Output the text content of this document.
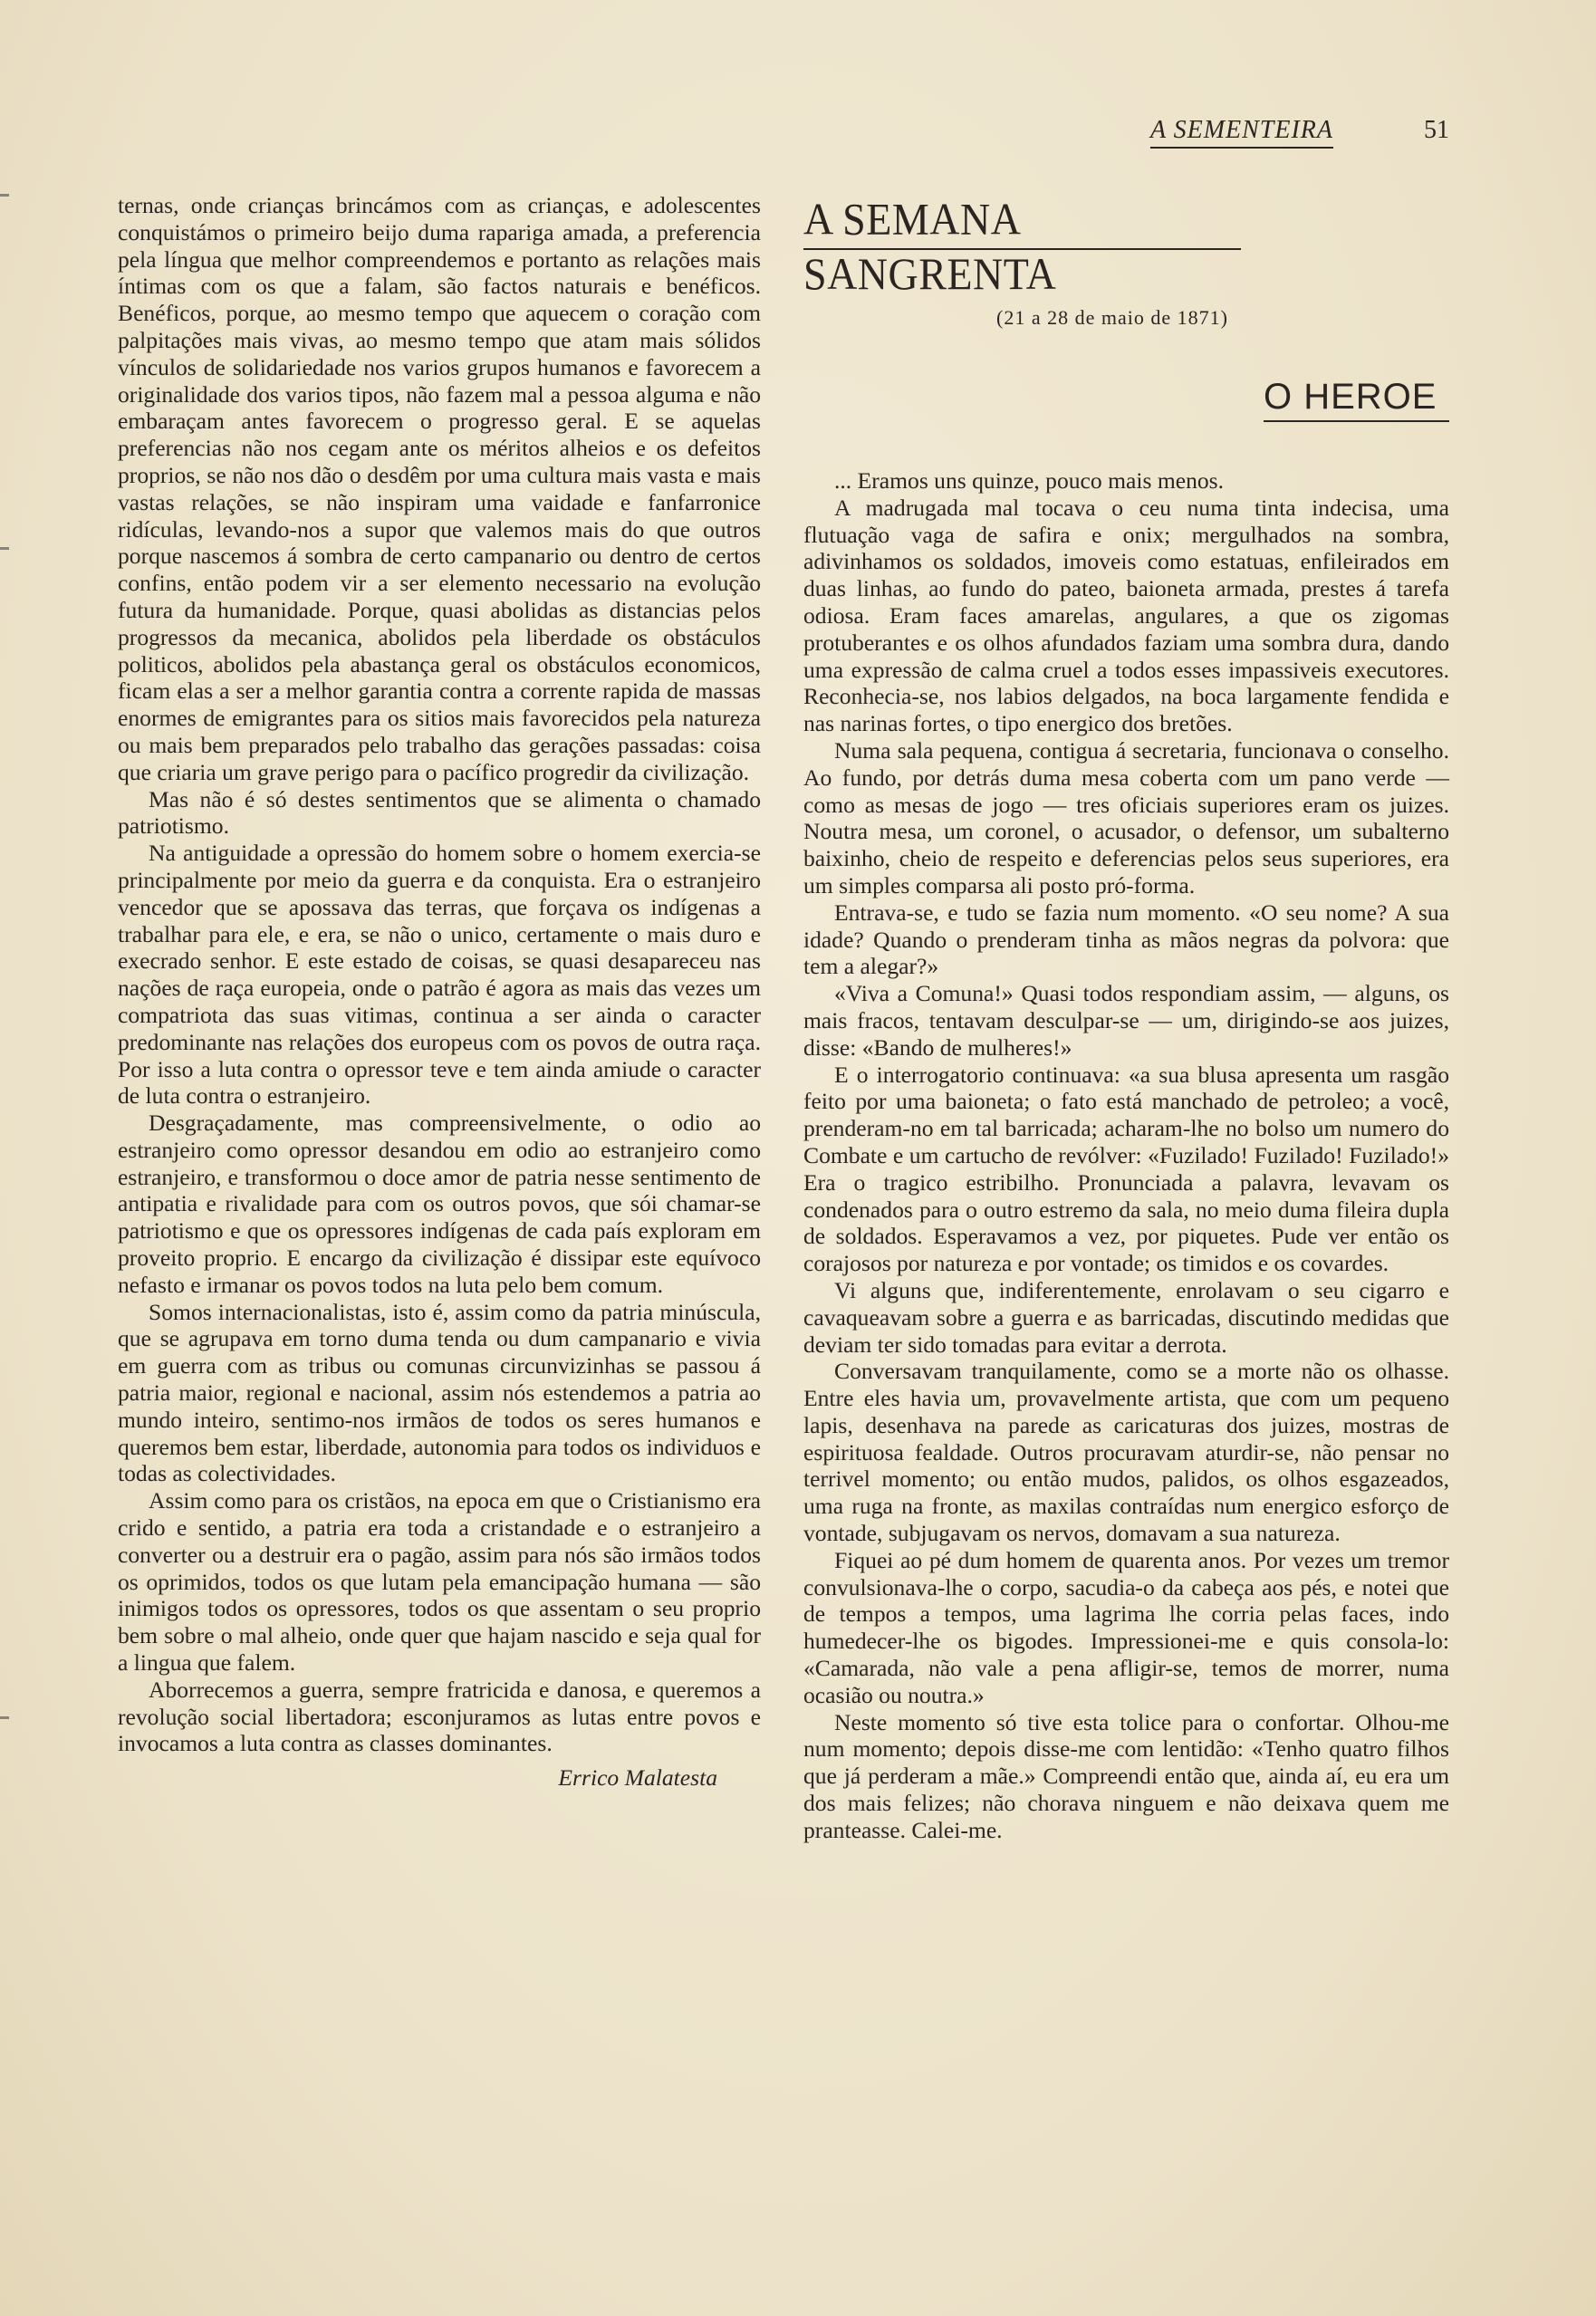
A SEMENTEIRA	51

ternas, onde crianças brincámos com as crianças, e adolescentes conquistámos o primeiro beijo duma rapariga amada, a preferencia pela língua que melhor compreendemos e portanto as relações mais íntimas com os que a falam, são factos naturais e benéficos. Benéficos, porque, ao mesmo tempo que aquecem o coração com palpitações mais vivas, ao mesmo tempo que atam mais sólidos vínculos de solidariedade nos varios grupos humanos e favorecem a originalidade dos varios tipos, não fazem mal a pessoa alguma e não embaraçam antes favorecem o progresso geral. E se aquelas preferencias não nos cegam ante os méritos alheios e os defeitos proprios, se não nos dão o desdêm por uma cultura mais vasta e mais vastas relações, se não inspiram uma vaidade e fanfarronice ridículas, levando-nos a supor que valemos mais do que outros porque nascemos á sombra de certo campanario ou dentro de certos confins, então podem vir a ser elemento necessario na evolução futura da humanidade. Porque, quasi abolidas as distancias pelos progressos da mecanica, abolidos pela liberdade os obstáculos politicos, abolidos pela abastança geral os obstáculos economicos, ficam elas a ser a melhor garantia contra a corrente rapida de massas enormes de emigrantes para os sitios mais favorecidos pela natureza ou mais bem preparados pelo trabalho das gerações passadas: coisa que criaria um grave perigo para o pacífico progredir da civilização.

Mas não é só destes sentimentos que se alimenta o chamado patriotismo.

Na antiguidade a opressão do homem sobre o homem exercia-se principalmente por meio da guerra e da conquista. Era o estranjeiro vencedor que se apossava das terras, que forçava os indígenas a trabalhar para ele, e era, se não o unico, certamente o mais duro e execrado senhor. E este estado de coisas, se quasi desapareceu nas nações de raça europeia, onde o patrão é agora as mais das vezes um compatriota das suas vitimas, continua a ser ainda o caracter predominante nas relações dos europeus com os povos de outra raça. Por isso a luta contra o opressor teve e tem ainda amiude o caracter de luta contra o estranjeiro.

Desgraçadamente, mas compreensivelmente, o odio ao estranjeiro como opressor desandou em odio ao estranjeiro como estranjeiro, e transformou o doce amor de patria nesse sentimento de antipatia e rivalidade para com os outros povos, que sói chamar-se patriotismo e que os opressores indígenas de cada país exploram em proveito proprio. E encargo da civilização é dissipar este equívoco nefasto e irmanar os povos todos na luta pelo bem comum.

Somos internacionalistas, isto é, assim como da patria minúscula, que se agrupava em torno duma tenda ou dum campanario e vivia em guerra com as tribus ou comunas circunvizinhas se passou á patria maior, regional e nacional, assim nós estendemos a patria ao mundo inteiro, sentimo-nos irmãos de todos os seres humanos e queremos bem estar, liberdade, autonomia para todos os individuos e todas as colectividades.

Assim como para os cristãos, na epoca em que o Cristianismo era crido e sentido, a patria era toda a cristandade e o estranjeiro a converter ou a destruir era o pagão, assim para nós são irmãos todos os oprimidos, todos os que lutam pela emancipação humana — são inimigos todos os opressores, todos os que assentam o seu proprio bem sobre o mal alheio, onde quer que hajam nascido e seja qual for a lingua que falem.

Aborrecemos a guerra, sempre fratricida e danosa, e queremos a revolução social libertadora; esconjuramos as lutas entre povos e invocamos a luta contra as classes dominantes.

Errico Malatesta

A SEMANA SANGRENTA
(21 a 28 de maio de 1871)
O HEROE

... Eramos uns quinze, pouco mais menos.

A madrugada mal tocava o ceu numa tinta indecisa, uma flutuação vaga de safira e onix; mergulhados na sombra, adivinhamos os soldados, imoveis como estatuas, enfileirados em duas linhas, ao fundo do pateo, baioneta armada, prestes á tarefa odiosa. Eram faces amarelas, angulares, a que os zigomas protuberantes e os olhos afundados faziam uma sombra dura, dando uma expressão de calma cruel a todos esses impassiveis executores. Reconhecia-se, nos labios delgados, na boca largamente fendida e nas narinas fortes, o tipo energico dos bretões.

Numa sala pequena, contigua á secretaria, funcionava o conselho. Ao fundo, por detrás duma mesa coberta com um pano verde — como as mesas de jogo — tres oficiais superiores eram os juizes. Noutra mesa, um coronel, o acusador, o defensor, um subalterno baixinho, cheio de respeito e deferencias pelos seus superiores, era um simples comparsa ali posto pró-forma.

Entrava-se, e tudo se fazia num momento. «O seu nome? A sua idade? Quando o prenderam tinha as mãos negras da polvora: que tem a alegar?»

«Viva a Comuna!» Quasi todos respondiam assim, — alguns, os mais fracos, tentavam desculpar-se — um, dirigindo-se aos juizes, disse: «Bando de mulheres!»

E o interrogatorio continuava: «a sua blusa apresenta um rasgão feito por uma baioneta; o fato está manchado de petroleo; a você, prenderam-no em tal barricada; acharam-lhe no bolso um numero do Combate e um cartucho de revólver: «Fuzilado! Fuzilado! Fuzilado!» Era o tragico estribilho. Pronunciada a palavra, levavam os condenados para o outro estremo da sala, no meio duma fileira dupla de soldados. Esperavamos a vez, por piquetes. Pude ver então os corajosos por natureza e por vontade; os timidos e os covardes.

Vi alguns que, indiferentemente, enrolavam o seu cigarro e cavaqueavam sobre a guerra e as barricadas, discutindo medidas que deviam ter sido tomadas para evitar a derrota.

Conversavam tranquilamente, como se a morte não os olhasse. Entre eles havia um, provavelmente artista, que com um pequeno lapis, desenhava na parede as caricaturas dos juizes, mostras de espirituosa fealdade. Outros procuravam aturdir-se, não pensar no terrivel momento; ou então mudos, palidos, os olhos esgazeados, uma ruga na fronte, as maxilas contraídas num energico esforço de vontade, subjugavam os nervos, domavam a sua natureza.

Fiquei ao pé dum homem de quarenta anos. Por vezes um tremor convulsionava-lhe o corpo, sacudia-o da cabeça aos pés, e notei que de tempos a tempos, uma lagrima lhe corria pelas faces, indo humedecer-lhe os bigodes. Impressionei-me e quis consola-lo: «Camarada, não vale a pena afligir-se, temos de morrer, numa ocasião ou noutra.»

Neste momento só tive esta tolice para o confortar. Olhou-me num momento; depois disse-me com lentidão: «Tenho quatro filhos que já perderam a mãe.» Compreendi então que, ainda aí, eu era um dos mais felizes; não chorava ninguem e não deixava quem me pranteasse. Calei-me.
